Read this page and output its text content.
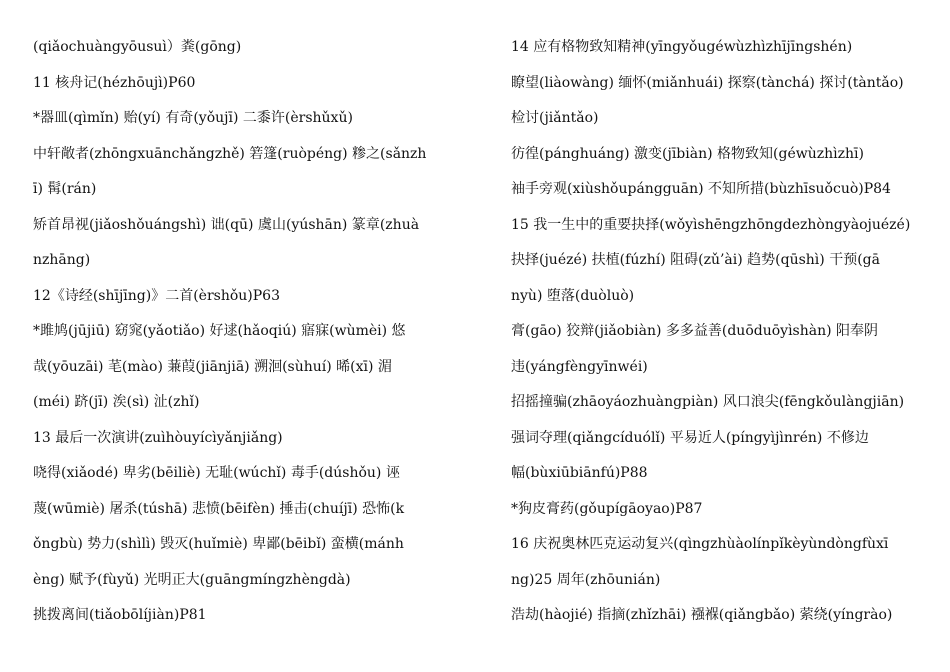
(qiǎochuàngyōusuì）粪(gōng)
11 核舟记(hézhōujì)P60
*器皿(qìmǐn) 贻(yí) 有奇(yǒujī) 二黍许(èrshǔxǔ)
中轩敞者(zhōngxuānchǎngzhě) 箬篷(ruòpéng) 糁之(sǎnzh
ī) 髯(rán)
矫首昂视(jiǎoshǒuángshì) 诎(qū) 虞山(yúshān) 篆章(zhuà
nzhāng)
12《诗经(shījīng)》二首(èrshǒu)P63
*雎鸠(jūjiū) 窈窕(yǎotiǎo) 好逑(hǎoqiú) 寤寐(wùmèi) 悠
哉(yōuzāi) 芼(mào) 蒹葭(jiānjiā) 溯洄(sùhuí) 晞(xī) 湄
(méi) 跻(jī) 涘(sì) 沚(zhǐ)
13 最后一次演讲(zuìhòuyícìyǎnjiǎng)
哓得(xiǎodé) 卑劣(bēiliè) 无耻(wúchǐ) 毒手(dúshǒu) 诬
蔑(wūmiè) 屠杀(túshā) 悲愤(bēifèn) 捶击(chuíjī) 恐怖(k
ǒngbù) 势力(shìlì) 毁灭(huǐmiè) 卑鄙(bēibǐ) 蛮横(mánh
èng) 赋予(fùyǔ) 光明正大(guāngmíngzhèngdà)
挑拨离间(tiǎobōlíjiàn)P81
14 应有格物致知精神(yīngyǒugéwùzhìzhījīngshén)
瞭望(liàowàng) 缅怀(miǎnhuái) 探察(tànchá) 探讨(tàntǎo)
检讨(jiǎntǎo)
彷徨(pánghuáng) 激变(jībiàn) 格物致知(géwùzhìzhī)
袖手旁观(xiùshǒupángguān) 不知所措(bùzhīsuǒcuò)P84
15 我一生中的重要抉择(wǒyìshēngzhōngdezhòngyàojuézé)
抉择(juézé) 扶植(fúzhí) 阻碍(zǔ’ài) 趋势(qūshì) 干预(gā
nyù) 堕落(duòluò)
膏(gāo) 狡辩(jiǎobiàn) 多多益善(duōduōyìshàn) 阳奉阴
违(yángfèngyīnwéi)
招摇撞骗(zhāoyáozhuàngpiàn) 风口浪尖(fēngkǒulàngjiān)
强词夺理(qiǎngcíduólǐ) 平易近人(píngyìjìnrén) 不修边
幅(bùxiūbiānfú)P88
*狗皮膏药(gǒupígāoyao)P87
16 庆祝奥林匹克运动复兴(qìngzhùàolínpǐkèyùndòngfùxī
ng)25 周年(zhōunián)
浩劫(hàojié) 指摘(zhǐzhāi) 襁褓(qiǎngbǎo) 萦绕(yíngrào)
